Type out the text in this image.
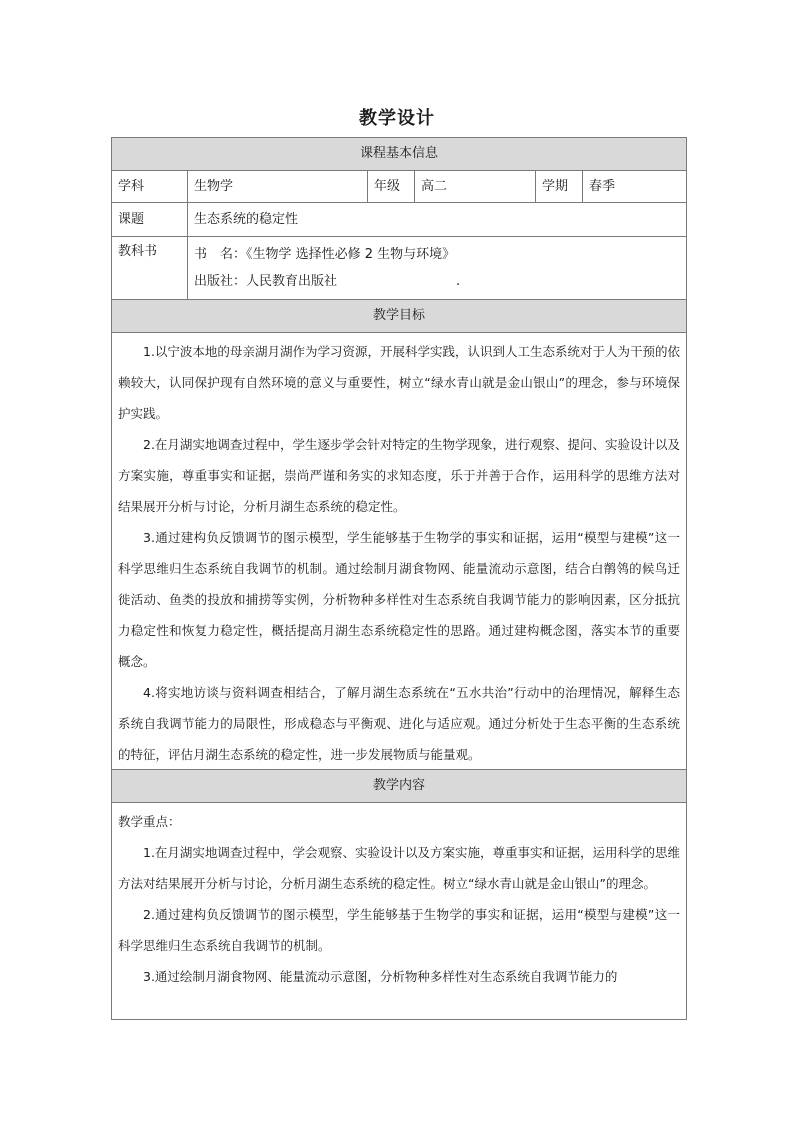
教学设计
课程基本信息
学科	生物学	年级	高二	学期	春季
课题	生态系统的稳定性
教科书	书　名：《生物学 选择性必修 2 生物与环境》
出版社：人民教育出版社	.
教学目标

1.以宁波本地的母亲湖月湖作为学习资源，开展科学实践，认识到人工生态系统对于人为干预的依赖较大，认同保护现有自然环境的意义与重要性，树立“绿水青山就是金山银山”的理念，参与环境保护实践。

2.在月湖实地调查过程中，学生逐步学会针对特定的生物学现象，进行观察、提问、实验设计以及方案实施，尊重事实和证据，崇尚严谨和务实的求知态度，乐于并善于合作，运用科学的思维方法对结果展开分析与讨论，分析月湖生态系统的稳定性。

3.通过建构负反馈调节的图示模型，学生能够基于生物学的事实和证据，运用“模型与建模”这一科学思维归生态系统自我调节的机制。通过绘制月湖食物网、能量流动示意图，结合白鹡鸰的候鸟迁徙活动、鱼类的投放和捕捞等实例，分析物种多样性对生态系统自我调节能力的影响因素，区分抵抗力稳定性和恢复力稳定性，概括提高月湖生态系统稳定性的思路。通过建构概念图，落实本节的重要概念。

4.将实地访谈与资料调查相结合，了解月湖生态系统在“五水共治”行动中的治理情况，解释生态系统自我调节能力的局限性，形成稳态与平衡观、进化与适应观。通过分析处于生态平衡的生态系统的特征，评估月湖生态系统的稳定性，进一步发展物质与能量观。

教学内容

教学重点：

1.在月湖实地调查过程中，学会观察、实验设计以及方案实施，尊重事实和证据，运用科学的思维方法对结果展开分析与讨论，分析月湖生态系统的稳定性。树立“绿水青山就是金山银山”的理念。

2.通过建构负反馈调节的图示模型，学生能够基于生物学的事实和证据，运用“模型与建模”这一科学思维归生态系统自我调节的机制。

3.通过绘制月湖食物网、能量流动示意图，分析物种多样性对生态系统自我调节能力的
